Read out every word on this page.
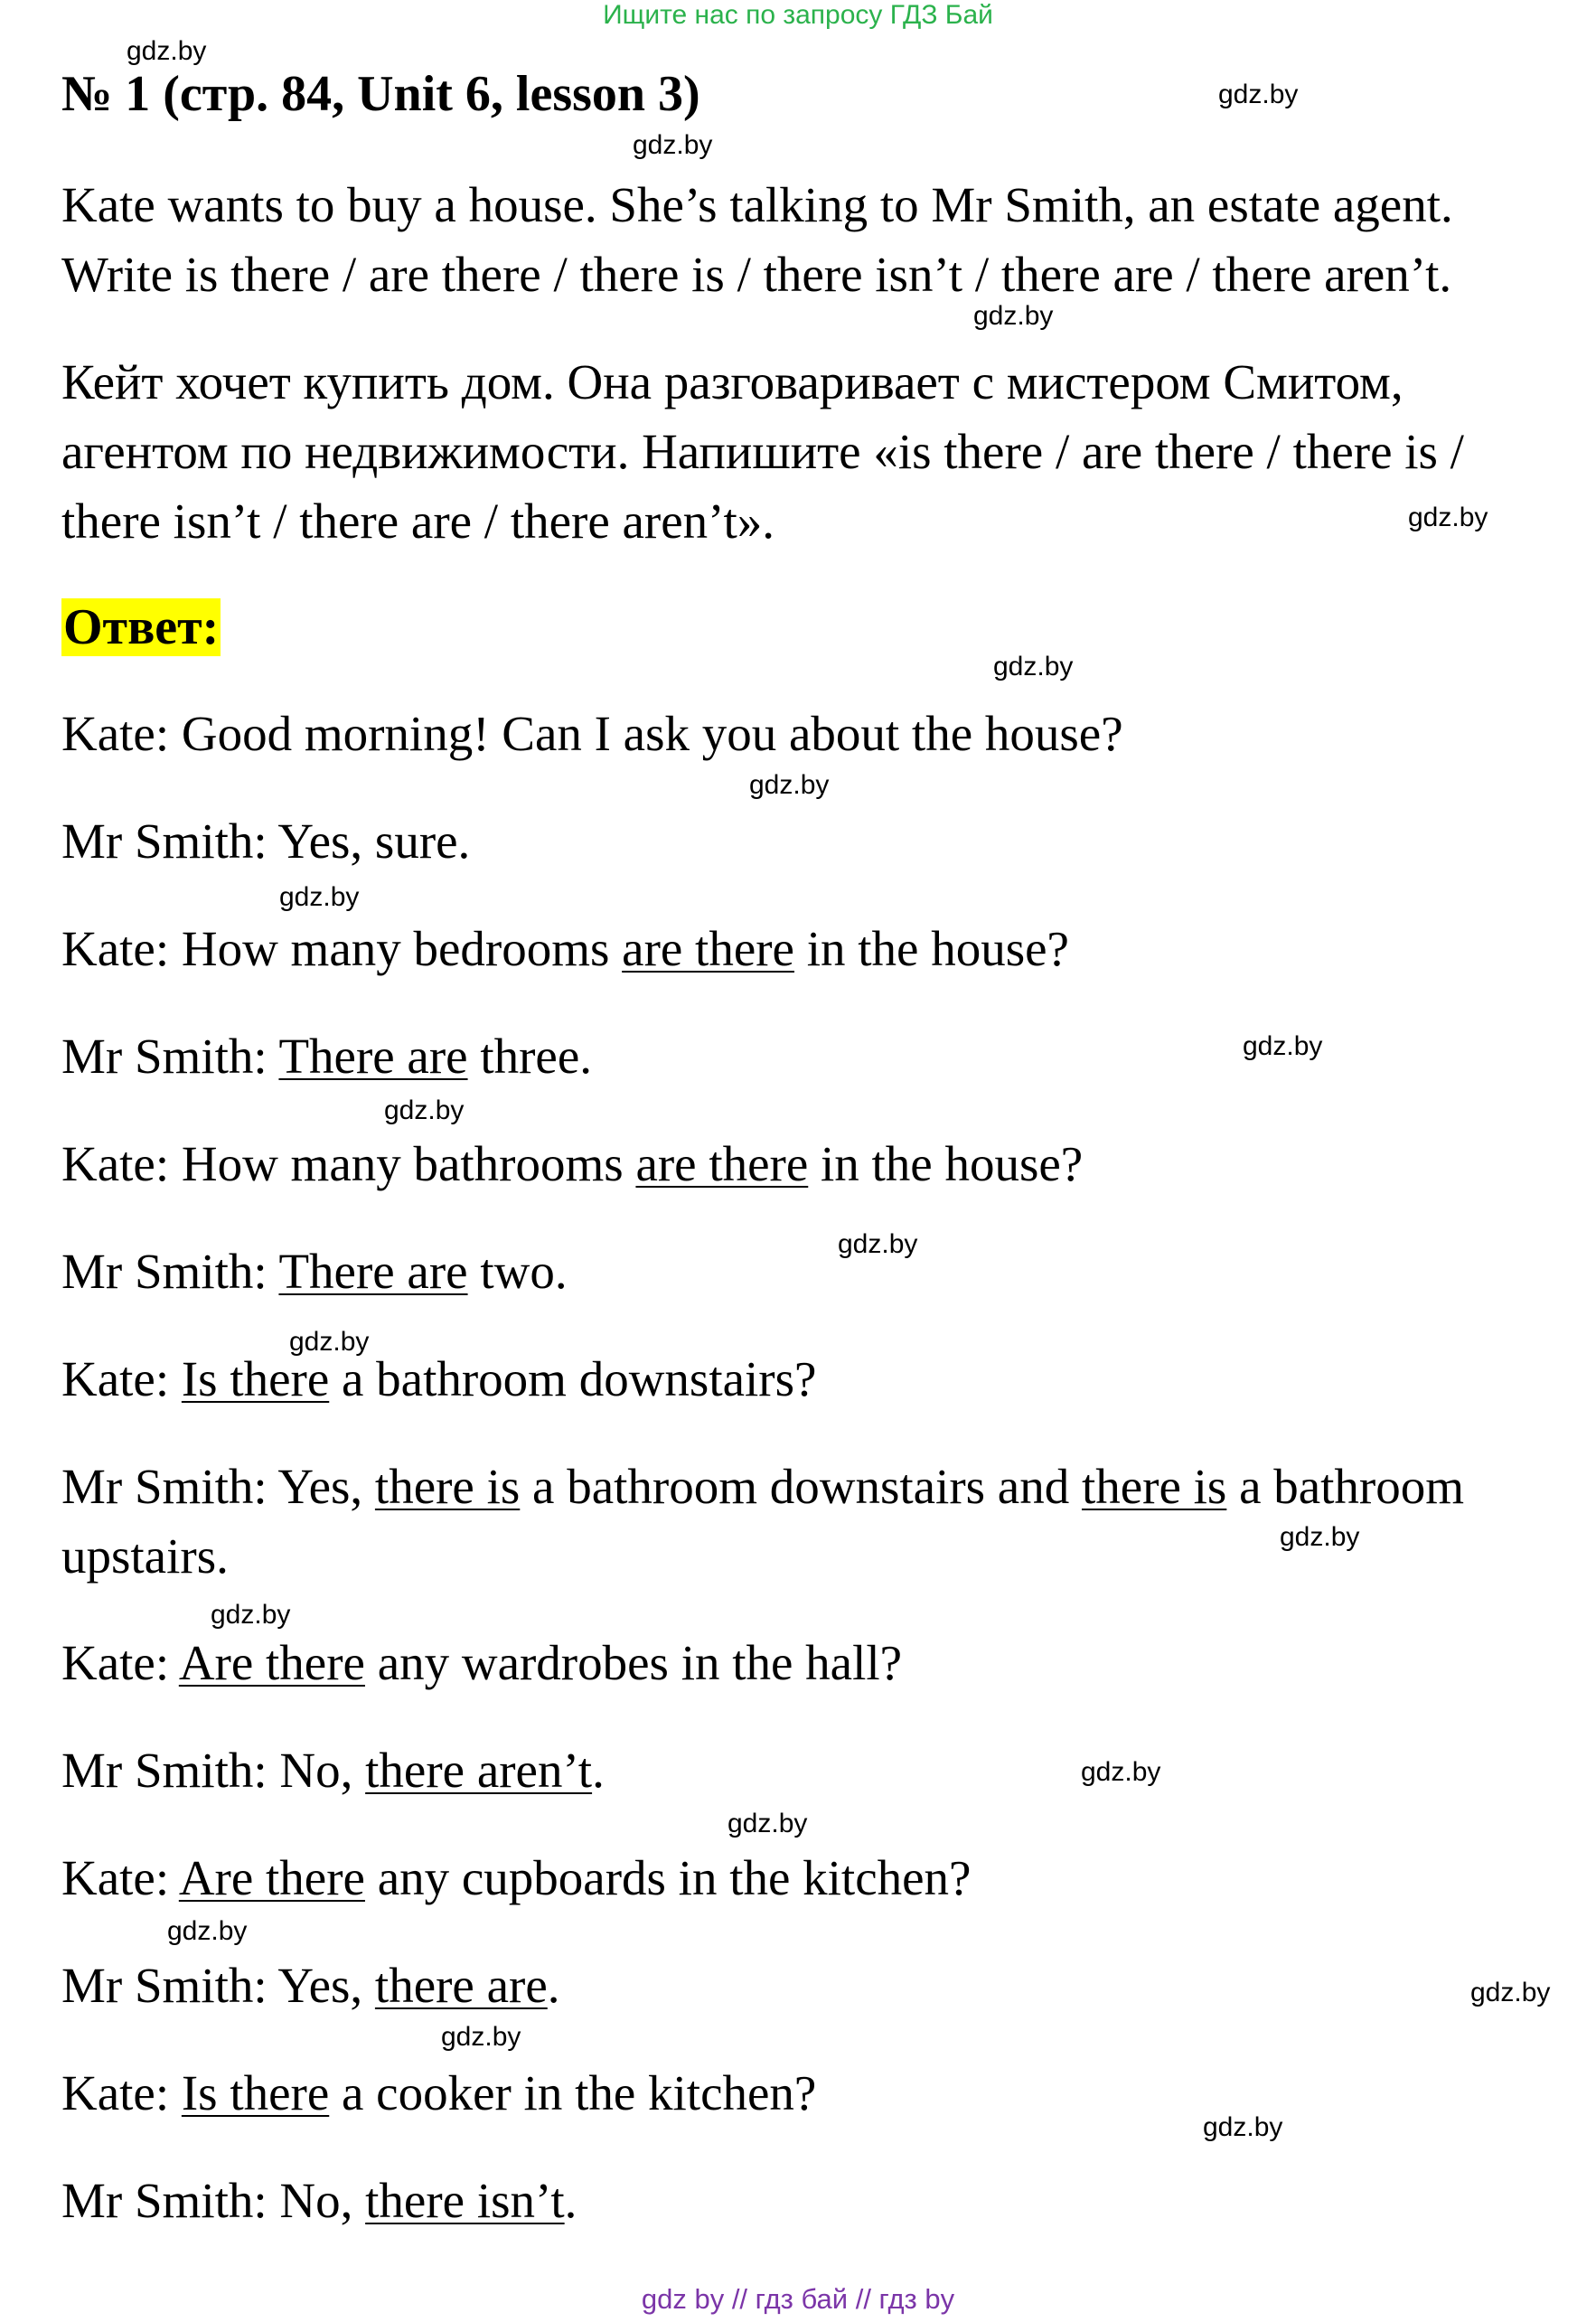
Ищите нас по запросу ГДЗ Бай
№ 1 (стр. 84, Unit 6, lesson 3)
Kate wants to buy a house. She’s talking to Mr Smith, an estate agent. Write is there / are there / there is / there isn’t / there are / there aren’t.
Кейт хочет купить дом. Она разговаривает с мистером Смитом, агентом по недвижимости. Напишите «is there / are there / there is / there isn’t / there are / there aren’t».
Ответ:
Kate: Good morning! Can I ask you about the house?
Mr Smith: Yes, sure.
Kate: How many bedrooms are there in the house?
Mr Smith: There are three.
Kate: How many bathrooms are there in the house?
Mr Smith: There are two.
Kate: Is there a bathroom downstairs?
Mr Smith: Yes, there is a bathroom downstairs and there is a bathroom
upstairs.
Kate: Are there any wardrobes in the hall?
Mr Smith: No, there aren’t.
Kate: Are there any cupboards in the kitchen?
Mr Smith: Yes, there are.
Kate: Is there a cooker in the kitchen?
Mr Smith: No, there isn’t.
gdz.by
gdz.by
gdz.by
gdz.by
gdz.by
gdz.by
gdz.by
gdz.by
gdz.by
gdz.by
gdz.by
gdz.by
gdz.by
gdz.by
gdz.by
gdz.by
gdz.by
gdz.by
gdz.by
gdz.by
gdz by // гдз бай // гдз by
